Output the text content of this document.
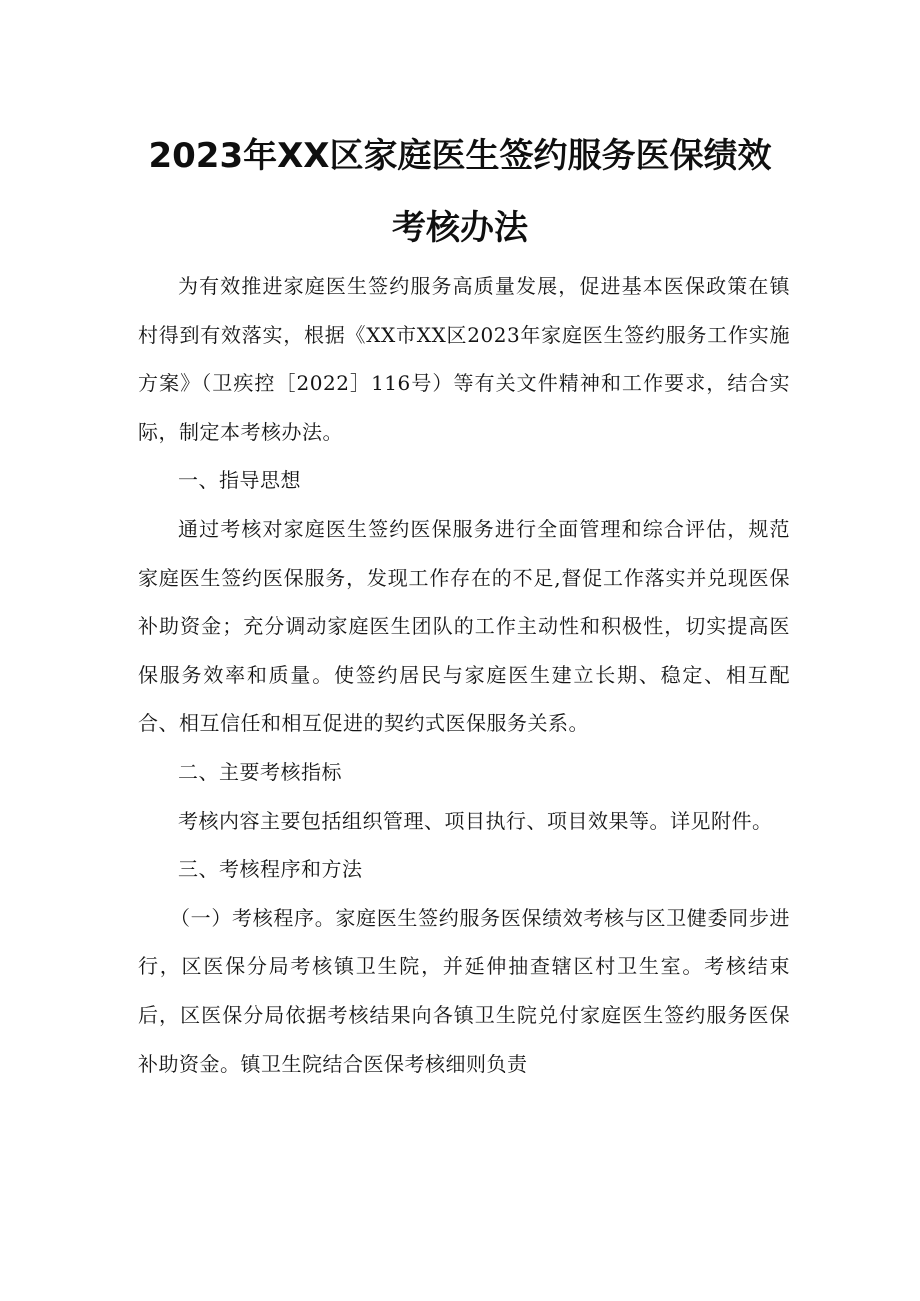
2023年XX区家庭医生签约服务医保绩效
考核办法

为有效推进家庭医生签约服务高质量发展，促进基本医保政策在镇村得到有效落实，根据《XX市XX区2023年家庭医生签约服务工作实施方案》（卫疾控［2022］116号）等有关文件精神和工作要求，结合实际，制定本考核办法。

一、指导思想

通过考核对家庭医生签约医保服务进行全面管理和综合评估，规范家庭医生签约医保服务，发现工作存在的不足,督促工作落实并兑现医保补助资金；充分调动家庭医生团队的工作主动性和积极性，切实提高医保服务效率和质量。使签约居民与家庭医生建立长期、稳定、相互配合、相互信任和相互促进的契约式医保服务关系。

二、主要考核指标

考核内容主要包括组织管理、项目执行、项目效果等。详见附件。

三、考核程序和方法

（一）考核程序。家庭医生签约服务医保绩效考核与区卫健委同步进行，区医保分局考核镇卫生院，并延伸抽查辖区村卫生室。考核结束后，区医保分局依据考核结果向各镇卫生院兑付家庭医生签约服务医保补助资金。镇卫生院结合医保考核细则负责
